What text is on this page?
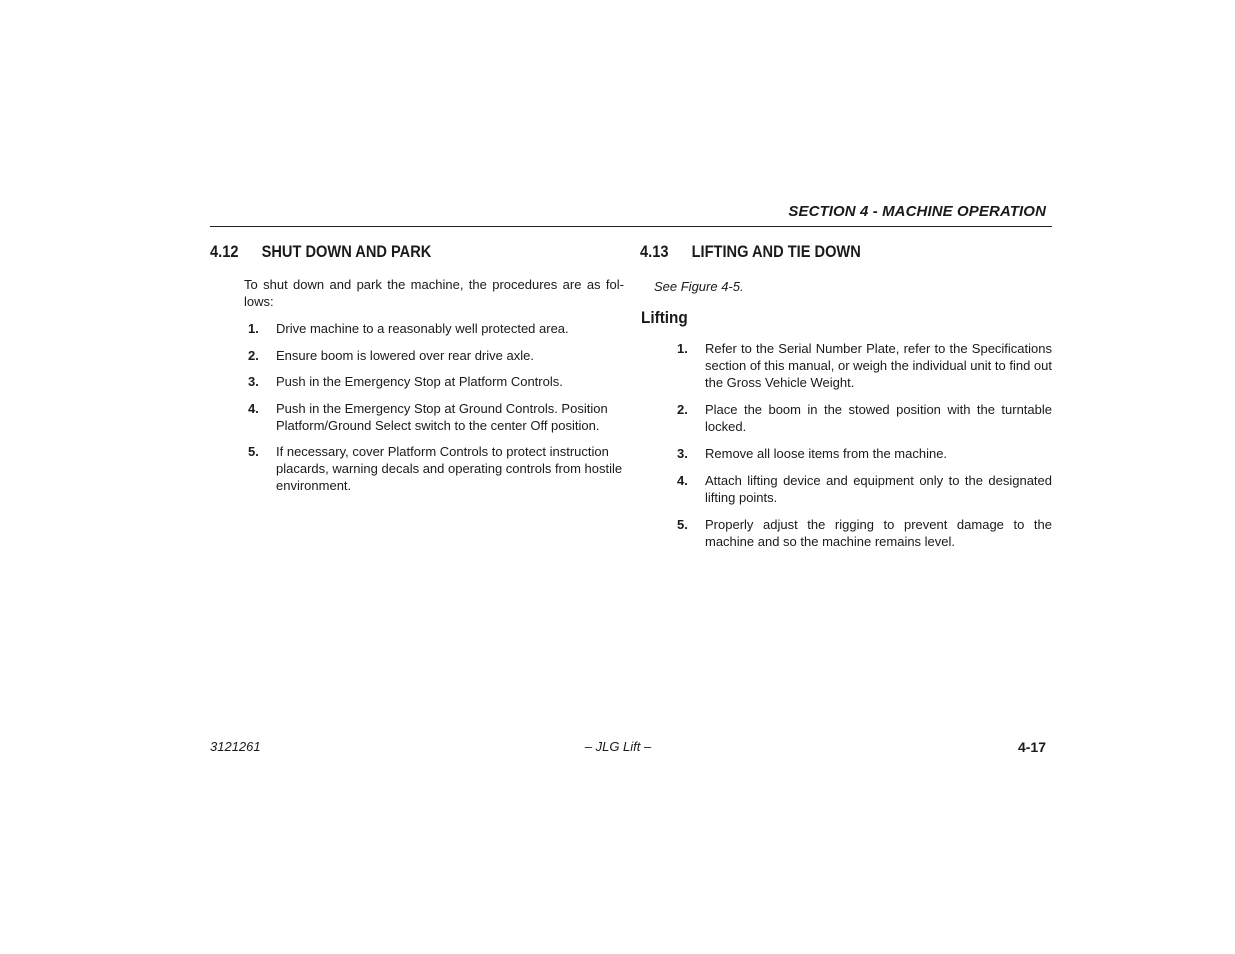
SECTION 4 - MACHINE OPERATION
4.12 SHUT DOWN AND PARK
To shut down and park the machine, the procedures are as fol-lows:
1.	Drive machine to a reasonably well protected area.
2.	Ensure boom is lowered over rear drive axle.
3.	Push in the Emergency Stop at Platform Controls.
4.	Push in the Emergency Stop at Ground Controls. Position Platform/Ground Select switch to the center Off position.
5.	If necessary, cover Platform Controls to protect instruction placards, warning decals and operating controls from hostile environment.
4.13 LIFTING AND TIE DOWN
See Figure 4-5.
Lifting
1.	Refer to the Serial Number Plate, refer to the Specifications section of this manual, or weigh the individual unit to find out the Gross Vehicle Weight.
2.	Place the boom in the stowed position with the turntable locked.
3.	Remove all loose items from the machine.
4.	Attach lifting device and equipment only to the designated lifting points.
5.	Properly adjust the rigging to prevent damage to the machine and so the machine remains level.
3121261	– JLG Lift –	4-17
